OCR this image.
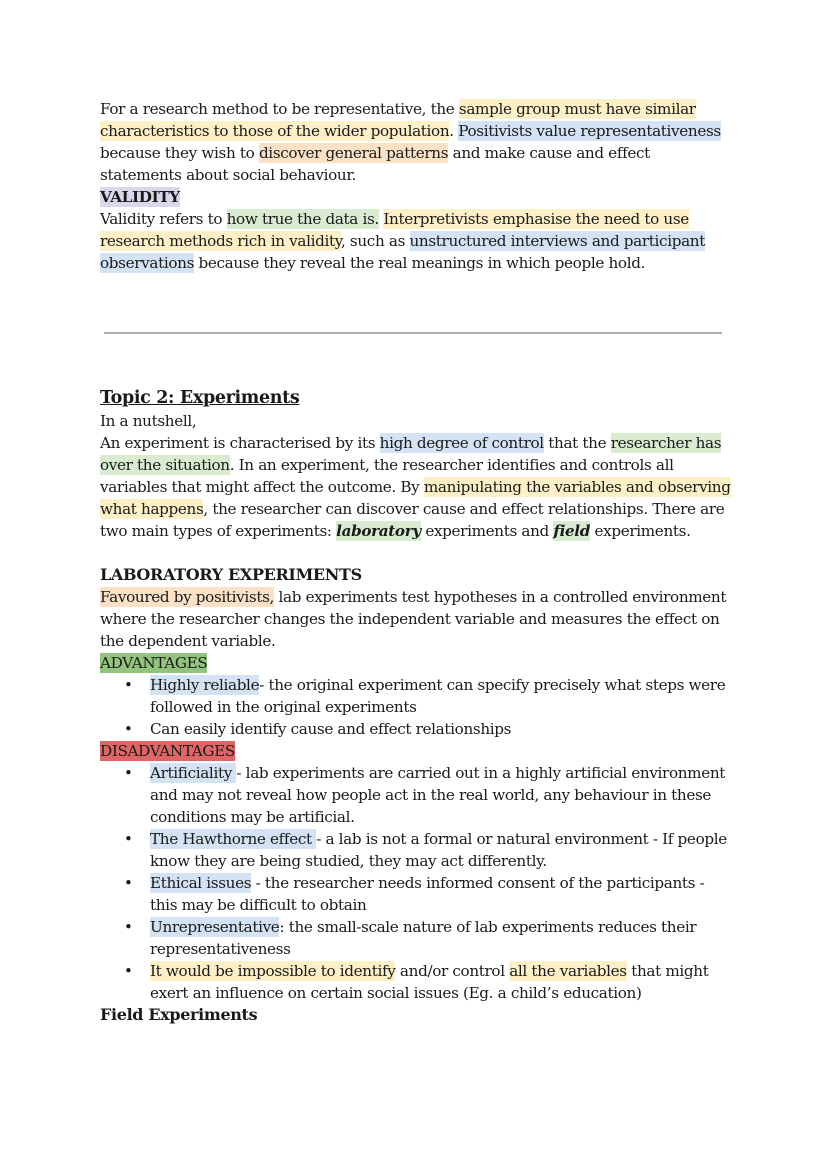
For a research method to be representative, the sample group must have similar characteristics to those of the wider population. Positivists value representativeness because they wish to discover general patterns and make cause and effect statements about social behaviour.

VALIDITY

Validity refers to how true the data is. Interpretivists emphasise the need to use research methods rich in validity, such as unstructured interviews and participant observations because they reveal the real meanings in which people hold.

Topic 2: Experiments

In a nutshell,

An experiment is characterised by its high degree of control that the researcher has over the situation. In an experiment, the researcher identifies and controls all variables that might affect the outcome. By manipulating the variables and observing what happens, the researcher can discover cause and effect relationships. There are two main types of experiments: laboratory experiments and field experiments.

LABORATORY EXPERIMENTS

Favoured by positivists, lab experiments test hypotheses in a controlled environment where the researcher changes the independent variable and measures the effect on the dependent variable.

ADVANTAGES

• Highly reliable- the original experiment can specify precisely what steps were followed in the original experiments
• Can easily identify cause and effect relationships

DISADVANTAGES

• Artificiality - lab experiments are carried out in a highly artificial environment and may not reveal how people act in the real world, any behaviour in these conditions may be artificial.
• The Hawthorne effect - a lab is not a formal or natural environment - If people know they are being studied, they may act differently.
• Ethical issues - the researcher needs informed consent of the participants - this may be difficult to obtain
• Unrepresentative: the small-scale nature of lab experiments reduces their representativeness
• It would be impossible to identify and/or control all the variables that might exert an influence on certain social issues (Eg. a child’s education)

Field Experiments
